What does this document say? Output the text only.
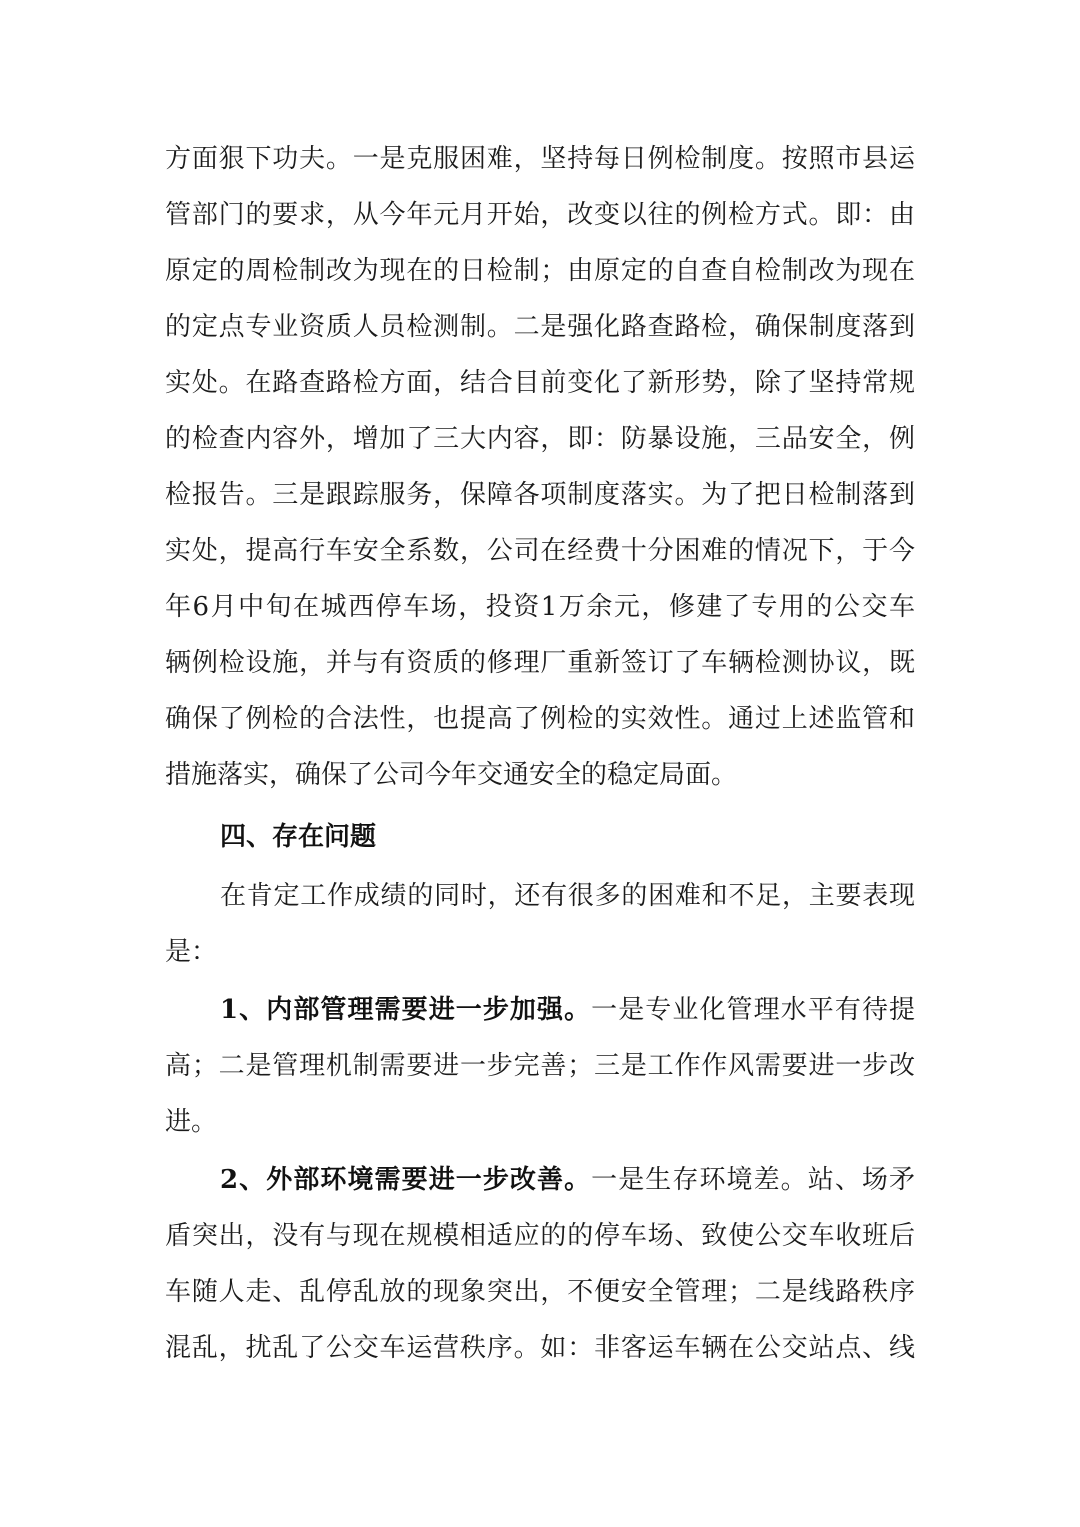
方面狠下功夫。一是克服困难，坚持每日例检制度。按照市县运
管部门的要求，从今年元月开始，改变以往的例检方式。即：由
原定的周检制改为现在的日检制；由原定的自查自检制改为现在
的定点专业资质人员检测制。二是强化路查路检，确保制度落到
实处。在路查路检方面，结合目前变化了新形势，除了坚持常规
的检查内容外，增加了三大内容，即：防暴设施，三品安全，例
检报告。三是跟踪服务，保障各项制度落实。为了把日检制落到
实处，提高行车安全系数，公司在经费十分困难的情况下，于今
年6月中旬在城西停车场，投资1万余元，修建了专用的公交车
辆例检设施，并与有资质的修理厂重新签订了车辆检测协议，既
确保了例检的合法性，也提高了例检的实效性。通过上述监管和
措施落实，确保了公司今年交通安全的稳定局面。
四、存在问题
在肯定工作成绩的同时，还有很多的困难和不足，主要表现
是：
1、内部管理需要进一步加强。一是专业化管理水平有待提
高；二是管理机制需要进一步完善；三是工作作风需要进一步改
进。
2、外部环境需要进一步改善。一是生存环境差。站、场矛
盾突出，没有与现在规模相适应的的停车场、致使公交车收班后
车随人走、乱停乱放的现象突出，不便安全管理；二是线路秩序
混乱，扰乱了公交车运营秩序。如：非客运车辆在公交站点、线
